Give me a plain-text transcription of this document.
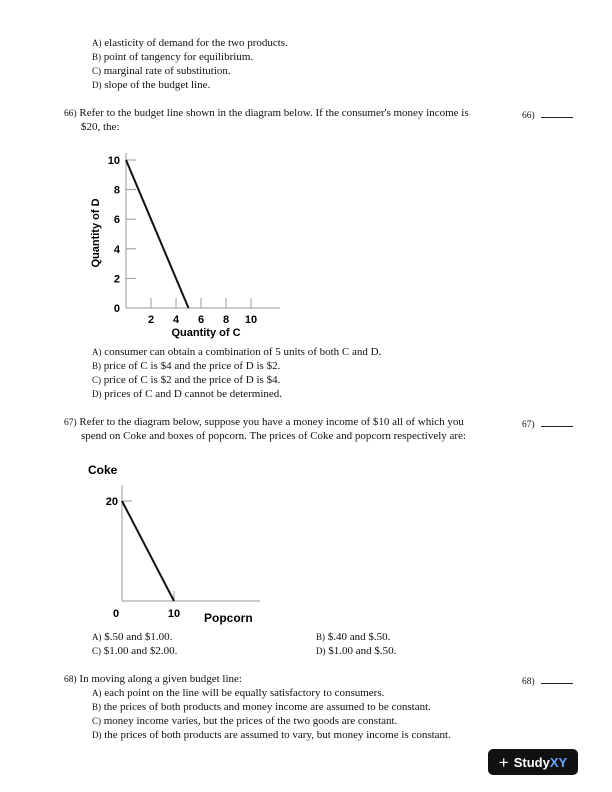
A) elasticity of demand for the two products.
B) point of tangency for equilibrium.
C) marginal rate of substitution.
D) slope of the budget line.
66) Refer to the budget line shown in the diagram below. If the consumer's money income is
$20, the:
66)
10
8
6
4
2
0
2 4 6 8 10
Quantity of C
Quantity of D
A) consumer can obtain a combination of 5 units of both C and D.
B) price of C is $4 and the price of D is $2.
C) price of C is $2 and the price of D is $4.
D) prices of C and D cannot be determined.
67) Refer to the diagram below, suppose you have a money income of $10 all of which you
spend on Coke and boxes of popcorn. The prices of Coke and popcorn respectively are:
67)
Coke
Popcorn
20
0	10
A) $.50 and $1.00.	B) $.40 and $.50.
C) $1.00 and $2.00.	D) $1.00 and $.50.
68) In moving along a given budget line:	68)
A) each point on the line will be equally satisfactory to consumers.
B) the prices of both products and money income are assumed to be constant.
C) money income varies, but the prices of the two goods are constant.
D) the prices of both products are assumed to vary, but money income is constant.
+ StudyXY
